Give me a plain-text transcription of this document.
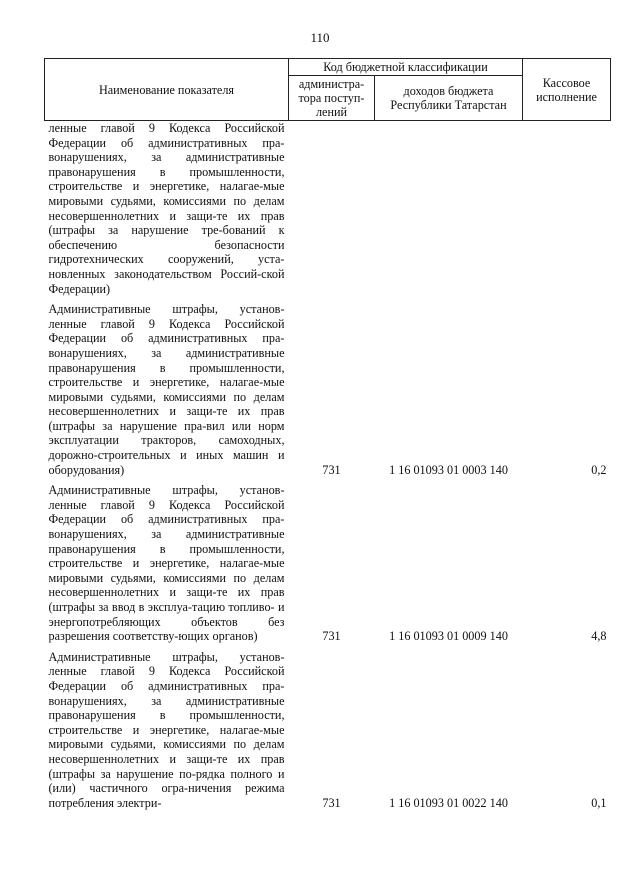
110
Наименование показателя	Код бюджетной классификации		Кассовое исполнение
	администра-тора поступ-лений	доходов бюджета Республики Татарстан	
ленные главой 9 Кодекса Российской Федерации об административных пра-вонарушениях, за административные правонарушения в промышленности, строительстве и энергетике, налагае-мые мировыми судьями, комиссиями по делам несовершеннолетних и защи-те их прав (штрафы за нарушение тре-бований к обеспечению безопасности гидротехнических сооружений, уста-новленных законодательством Россий-ской Федерации)			
Административные штрафы, установ-ленные главой 9 Кодекса Российской Федерации об административных пра-вонарушениях, за административные правонарушения в промышленности, строительстве и энергетике, налагае-мые мировыми судьями, комиссиями по делам несовершеннолетних и защи-те их прав (штрафы за нарушение пра-вил или норм эксплуатации тракторов, самоходных, дорожно-строительных и иных машин и оборудования)	731	1 16 01093 01 0003 140	0,2
Административные штрафы, установ-ленные главой 9 Кодекса Российской Федерации об административных пра-вонарушениях, за административные правонарушения в промышленности, строительстве и энергетике, налагае-мые мировыми судьями, комиссиями по делам несовершеннолетних и защи-те их прав (штрафы за ввод в эксплуа-тацию топливо- и энергопотребляющих объектов без разрешения соответству-ющих органов)	731	1 16 01093 01 0009 140	4,8
Административные штрафы, установ-ленные главой 9 Кодекса Российской Федерации об административных пра-вонарушениях, за административные правонарушения в промышленности, строительстве и энергетике, налагае-мые мировыми судьями, комиссиями по делам несовершеннолетних и защи-те их прав (штрафы за нарушение по-рядка полного и (или) частичного огра-ничения режима потребления электри-	731	1 16 01093 01 0022 140	0,1
